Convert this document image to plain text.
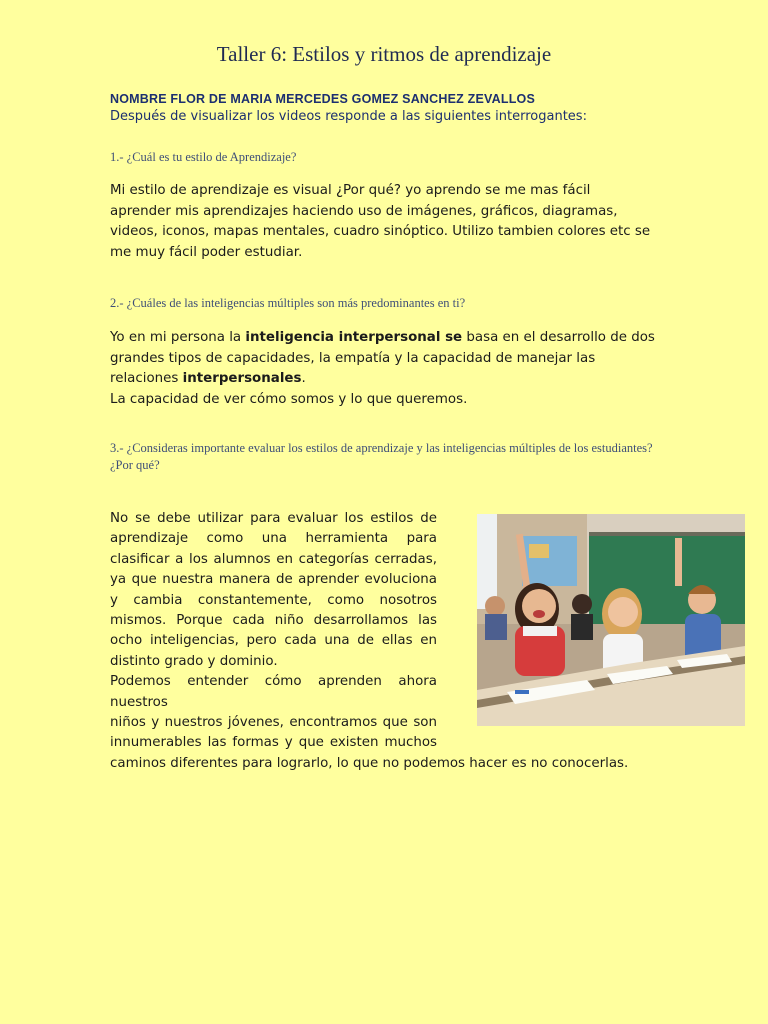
Taller 6: Estilos y ritmos de aprendizaje
NOMBRE FLOR DE MARIA MERCEDES GOMEZ SANCHEZ ZEVALLOS
Después de visualizar los videos responde a las siguientes interrogantes:
1.- ¿Cuál es tu estilo de Aprendizaje?
Mi estilo de aprendizaje es visual ¿Por qué? yo aprendo se me mas fácil aprender mis aprendizajes haciendo uso de imágenes, gráficos, diagramas, videos, iconos, mapas mentales, cuadro sinóptico. Utilizo tambien colores etc se me muy fácil poder estudiar.
2.- ¿Cuáles de las inteligencias múltiples son más predominantes en ti?
Yo en mi persona la inteligencia interpersonal se basa en el desarrollo de dos grandes tipos de capacidades, la empatía y la capacidad de manejar las relaciones interpersonales.
La capacidad de ver cómo somos y lo que queremos.
3.- ¿Consideras importante evaluar los estilos de aprendizaje y las inteligencias múltiples de los estudiantes? ¿Por qué?

No se debe utilizar para evaluar los estilos de aprendizaje como una herramienta para clasificar a los alumnos en categorías cerradas, ya que nuestra manera de aprender evoluciona y cambia constantemente, como nosotros mismos. Porque cada niño desarrollamos las ocho inteligencias, pero cada una de ellas en distinto grado y dominio.

Podemos entender cómo aprenden ahora nuestros
niños y nuestros jóvenes, encontramos que son
innumerables las formas y que existen muchos
caminos diferentes para lograrlo, lo que no podemos hacer es no conocerlas.
